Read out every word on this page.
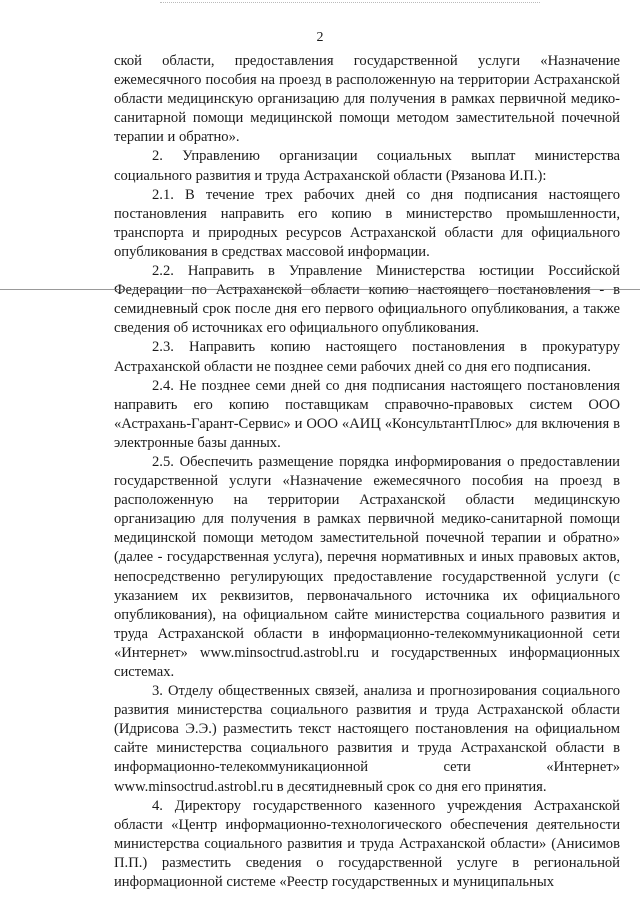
2

ской области, предоставления государственной услуги «Назначение ежемесячного пособия на проезд в расположенную на территории Астраханской области медицинскую организацию для получения в рамках первичной медико-санитарной помощи медицинской помощи методом заместительной почечной терапии и обратно».

2. Управлению организации социальных выплат министерства социального развития и труда Астраханской области (Рязанова И.П.):

2.1. В течение трех рабочих дней со дня подписания настоящего постановления направить его копию в министерство промышленности, транспорта и природных ресурсов Астраханской области для официального опубликования в средствах массовой информации.

2.2. Направить в Управление Министерства юстиции Российской Федерации по Астраханской области копию настоящего постановления - в семидневный срок после дня его первого официального опубликования, а также сведения об источниках его официального опубликования.

2.3. Направить копию настоящего постановления в прокуратуру Астраханской области не позднее семи рабочих дней со дня его подписания.

2.4. Не позднее семи дней со дня подписания настоящего постановления направить его копию поставщикам справочно-правовых систем ООО «Астрахань-Гарант-Сервис» и ООО «АИЦ «КонсультантПлюс» для включения в электронные базы данных.

2.5. Обеспечить размещение порядка информирования о предоставлении государственной услуги «Назначение ежемесячного пособия на проезд в расположенную на территории Астраханской области медицинскую организацию для получения в рамках первичной медико-санитарной помощи медицинской помощи методом заместительной почечной терапии и обратно» (далее - государственная услуга), перечня нормативных и иных правовых актов, непосредственно регулирующих предоставление государственной услуги (с указанием их реквизитов, первоначального источника их официального опубликования), на официальном сайте министерства социального развития и труда Астраханской области в информационно-телекоммуникационной сети «Интернет» www.minsoctrud.astrobl.ru и государственных информационных системах.

3. Отделу общественных связей, анализа и прогнозирования социального развития министерства социального развития и труда Астраханской области (Идрисова Э.Э.) разместить текст настоящего постановления на официальном сайте министерства социального развития и труда Астраханской области в информационно-телекоммуникационной сети «Интернет» www.minsoctrud.astrobl.ru в десятидневный срок со дня его принятия.

4. Директору государственного казенного учреждения Астраханской области «Центр информационно-технологического обеспечения деятельности министерства социального развития и труда Астраханской области» (Анисимов П.П.) разместить сведения о государственной услуге в региональной информационной системе «Реестр государственных и муниципальных
